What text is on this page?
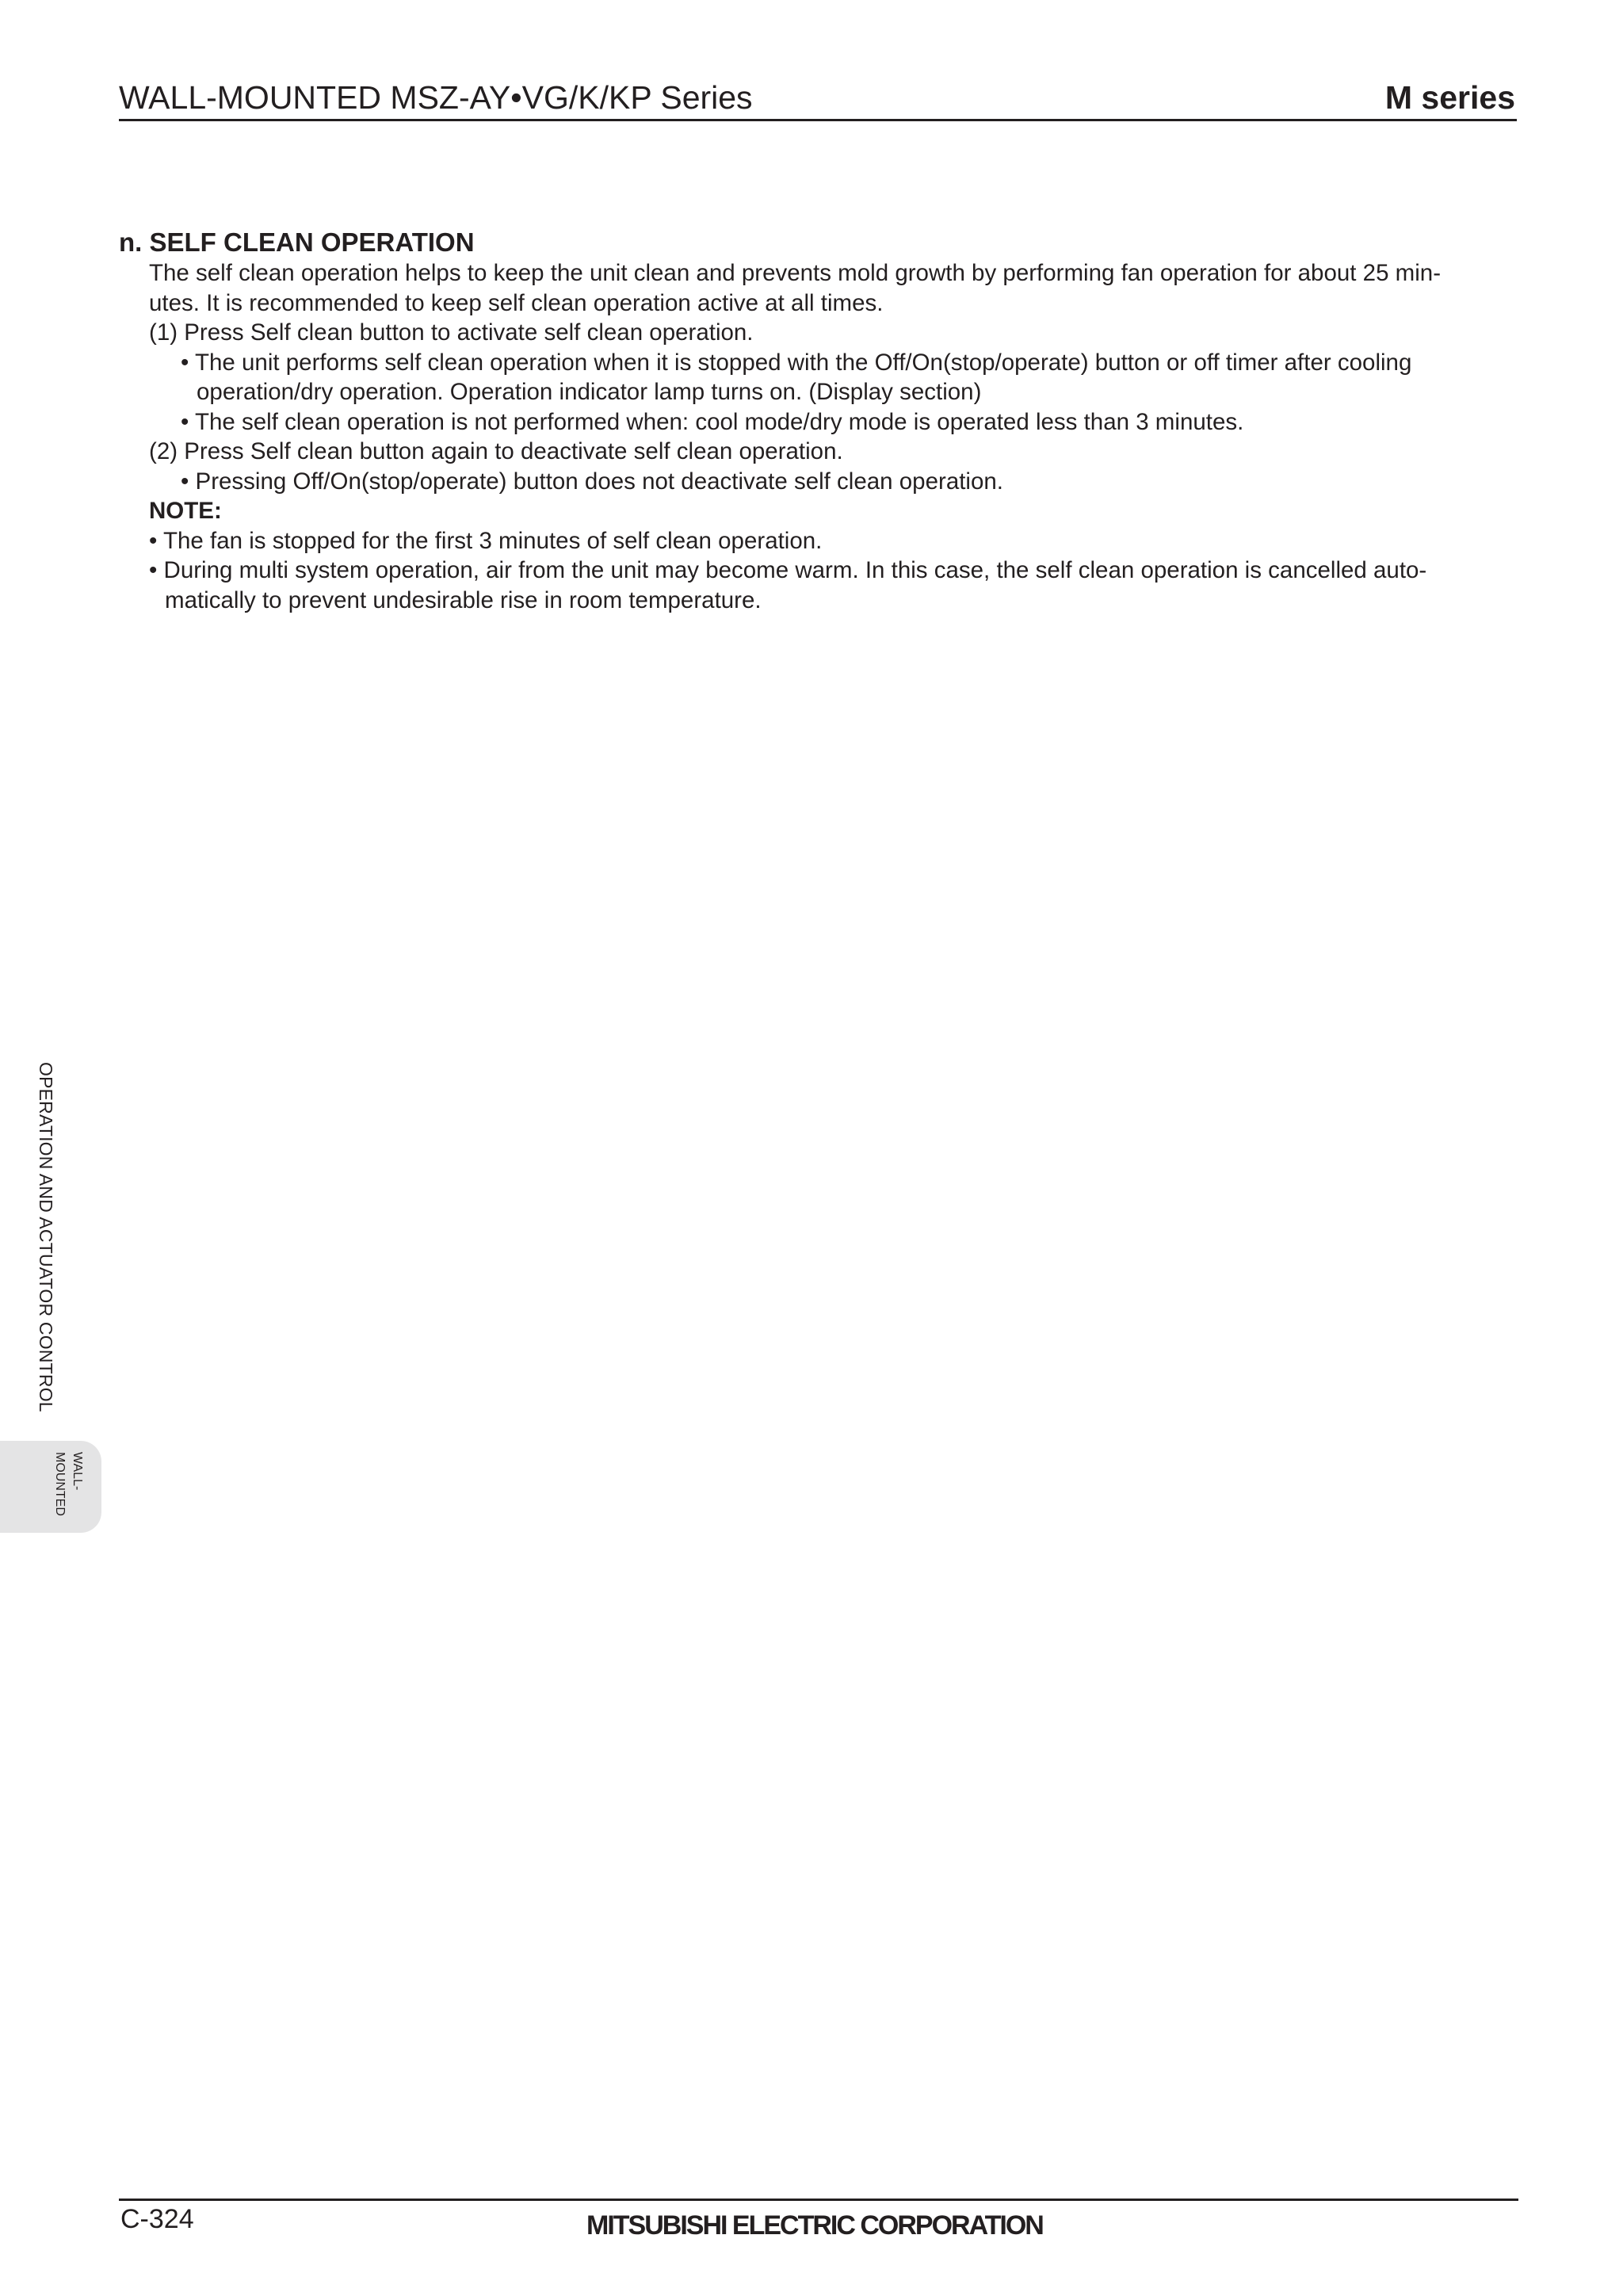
WALL-MOUNTED MSZ-AY•VG/K/KP Series	M series
n. SELF CLEAN OPERATION
The self clean operation helps to keep the unit clean and prevents mold growth by performing fan operation for about 25 min-
utes. It is recommended to keep self clean operation active at all times.
(1) Press Self clean button to activate self clean operation.
• The unit performs self clean operation when it is stopped with the Off/On(stop/operate) button or off timer after cooling
operation/dry operation. Operation indicator lamp turns on. (Display section)
• The self clean operation is not performed when: cool mode/dry mode is operated less than 3 minutes.
(2) Press Self clean button again to deactivate self clean operation.
• Pressing Off/On(stop/operate) button does not deactivate self clean operation.
NOTE:
• The fan is stopped for the first 3 minutes of self clean operation.
• During multi system operation, air from the unit may become warm. In this case, the self clean operation is cancelled auto-
matically to prevent undesirable rise in room temperature.
OPERATION AND ACTUATOR CONTROL
WALL-
MOUNTED
C-324	MITSUBISHI ELECTRIC CORPORATION
